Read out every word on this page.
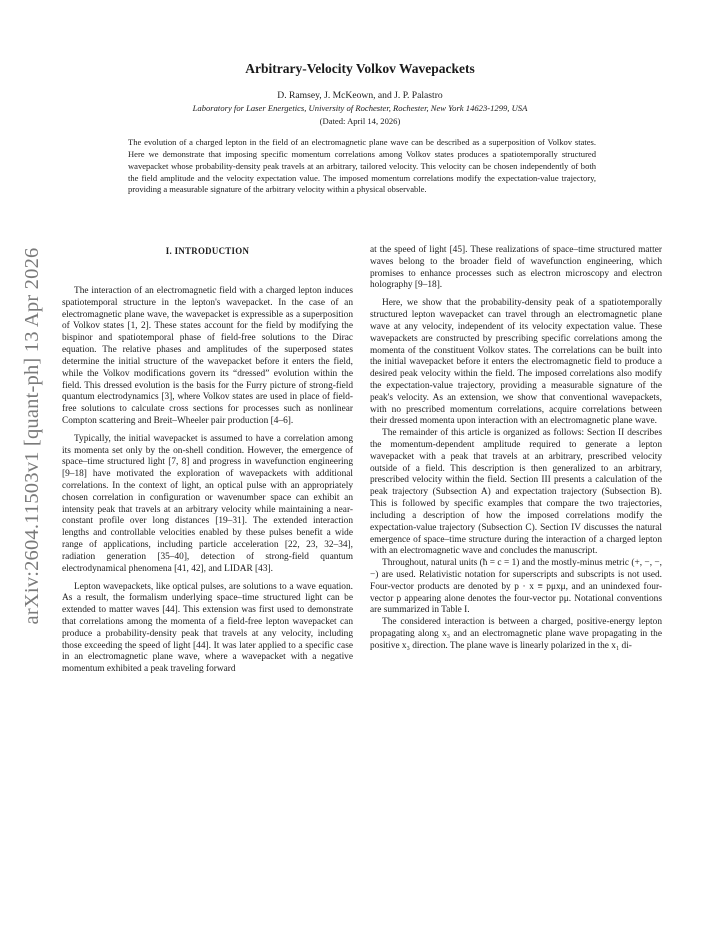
arXiv:2604.11503v1 [quant-ph] 13 Apr 2026
Arbitrary-Velocity Volkov Wavepackets
D. Ramsey, J. McKeown, and J. P. Palastro
Laboratory for Laser Energetics, University of Rochester, Rochester, New York 14623-1299, USA
(Dated: April 14, 2026)
The evolution of a charged lepton in the field of an electromagnetic plane wave can be described as a superposition of Volkov states. Here we demonstrate that imposing specific momentum correlations among Volkov states produces a spatiotemporally structured wavepacket whose probability-density peak travels at an arbitrary, tailored velocity. This velocity can be chosen independently of both the field amplitude and the velocity expectation value. The imposed momentum correlations modify the expectation-value trajectory, providing a measurable signature of the arbitrary velocity within a physical observable.
I. INTRODUCTION

The interaction of an electromagnetic field with a charged lepton induces spatiotemporal structure in the lepton's wavepacket. In the case of an electromagnetic plane wave, the wavepacket is expressible as a superposition of Volkov states [1, 2]. These states account for the field by modifying the bispinor and spatiotemporal phase of field-free solutions to the Dirac equation. The relative phases and amplitudes of the superposed states determine the initial structure of the wavepacket before it enters the field, while the Volkov modifications govern its “dressed” evolution within the field. This dressed evolution is the basis for the Furry picture of strong-field quantum electrodynamics [3], where Volkov states are used in place of field-free solutions to calculate cross sections for processes such as nonlinear Compton scattering and Breit–Wheeler pair production [4–6].

Typically, the initial wavepacket is assumed to have a correlation among its momenta set only by the on-shell condition. However, the emergence of space–time structured light [7, 8] and progress in wavefunction engineering [9–18] have motivated the exploration of wavepackets with additional correlations. In the context of light, an optical pulse with an appropriately chosen correlation in configuration or wavenumber space can exhibit an intensity peak that travels at an arbitrary velocity while maintaining a near-constant profile over long distances [19–31]. The extended interaction lengths and controllable velocities enabled by these pulses benefit a wide range of applications, including particle acceleration [22, 23, 32–34], radiation generation [35–40], detection of strong-field quantum electrodynamical phenomena [41, 42], and LIDAR [43].

Lepton wavepackets, like optical pulses, are solutions to a wave equation. As a result, the formalism underlying space–time structured light can be extended to matter waves [44]. This extension was first used to demonstrate that correlations among the momenta of a field-free lepton wavepacket can produce a probability-density peak that travels at any velocity, including those exceeding the speed of light [44]. It was later applied to a specific case in an electromagnetic plane wave, where a wavepacket with a negative momentum exhibited a peak traveling forward

at the speed of light [45]. These realizations of space–time structured matter waves belong to the broader field of wavefunction engineering, which promises to enhance processes such as electron microscopy and electron holography [9–18].

Here, we show that the probability-density peak of a spatiotemporally structured lepton wavepacket can travel through an electromagnetic plane wave at any velocity, independent of its velocity expectation value. These wavepackets are constructed by prescribing specific correlations among the momenta of the constituent Volkov states. The correlations can be built into the initial wavepacket before it enters the electromagnetic field to produce a desired peak velocity within the field. The imposed correlations also modify the expectation-value trajectory, providing a measurable signature of the peak's velocity. As an extension, we show that conventional wavepackets, with no prescribed momentum correlations, acquire correlations between their dressed momenta upon interaction with an electromagnetic plane wave.

The remainder of this article is organized as follows: Section II describes the momentum-dependent amplitude required to generate a lepton wavepacket with a peak that travels at an arbitrary, prescribed velocity outside of a field. This description is then generalized to an arbitrary, prescribed velocity within the field. Section III presents a calculation of the peak trajectory (Subsection A) and expectation trajectory (Subsection B). This is followed by specific examples that compare the two trajectories, including a description of how the imposed correlations modify the expectation-value trajectory (Subsection C). Section IV discusses the natural emergence of space–time structure during the interaction of a charged lepton with an electromagnetic wave and concludes the manuscript.

Throughout, natural units (ħ = c = 1) and the mostly-minus metric (+, −, −, −) are used. Relativistic notation for superscripts and subscripts is not used. Four-vector products are denoted by p · x ≡ pμxμ, and an unindexed four-vector p appearing alone denotes the four-vector pμ. Notational conventions are summarized in Table I.

The considered interaction is between a charged, positive-energy lepton propagating along x₃ and an electromagnetic plane wave propagating in the positive x₃ direction. The plane wave is linearly polarized in the x₁ di-
